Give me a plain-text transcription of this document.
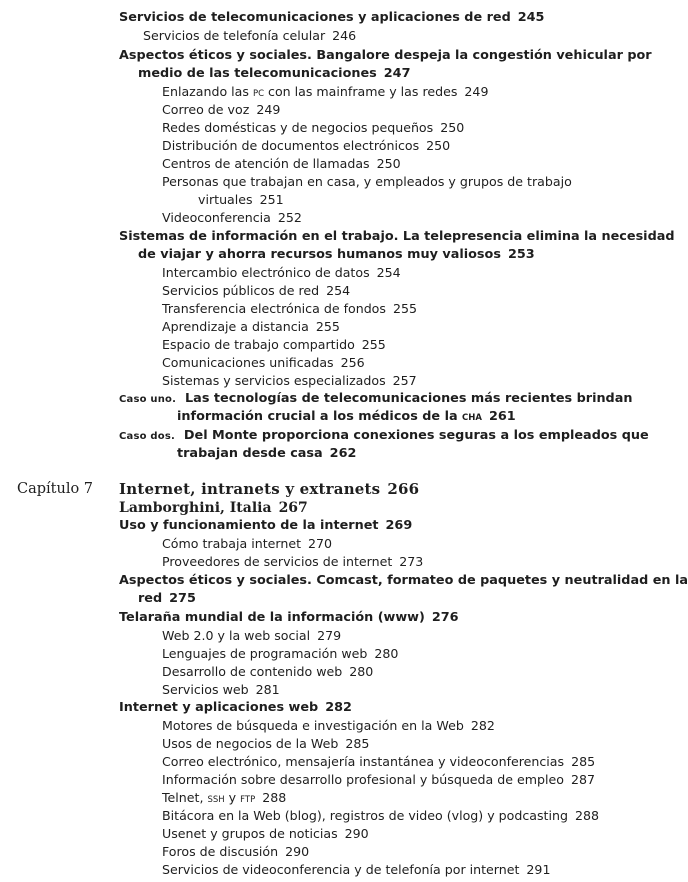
Servicios de telecomunicaciones y aplicaciones de red 245
Servicios de telefonía celular 246
Aspectos éticos y sociales. Bangalore despeja la congestión vehicular por
medio de las telecomunicaciones 247
Enlazando las PC con las mainframe y las redes 249
Correo de voz 249
Redes domésticas y de negocios pequeños 250
Distribución de documentos electrónicos 250
Centros de atención de llamadas 250
Personas que trabajan en casa, y empleados y grupos de trabajo
virtuales 251
Videoconferencia 252
Sistemas de información en el trabajo. La telepresencia elimina la necesidad
de viajar y ahorra recursos humanos muy valiosos 253
Intercambio electrónico de datos 254
Servicios públicos de red 254
Transferencia electrónica de fondos 255
Aprendizaje a distancia 255
Espacio de trabajo compartido 255
Comunicaciones unificadas 256
Sistemas y servicios especializados 257
Caso uno. Las tecnologías de telecomunicaciones más recientes brindan
información crucial a los médicos de la CHA 261
Caso dos. Del Monte proporciona conexiones seguras a los empleados que
trabajan desde casa 262
Capítulo 7 Internet, intranets y extranets 266
Lamborghini, Italia 267
Uso y funcionamiento de la internet 269
Cómo trabaja internet 270
Proveedores de servicios de internet 273
Aspectos éticos y sociales. Comcast, formateo de paquetes y neutralidad en la
red 275
Telaraña mundial de la información (www) 276
Web 2.0 y la web social 279
Lenguajes de programación web 280
Desarrollo de contenido web 280
Servicios web 281
Internet y aplicaciones web 282
Motores de búsqueda e investigación en la Web 282
Usos de negocios de la Web 285
Correo electrónico, mensajería instantánea y videoconferencias 285
Información sobre desarrollo profesional y búsqueda de empleo 287
Telnet, SSH y FTP 288
Bitácora en la Web (blog), registros de video (vlog) y podcasting 288
Usenet y grupos de noticias 290
Foros de discusión 290
Servicios de videoconferencia y de telefonía por internet 291
